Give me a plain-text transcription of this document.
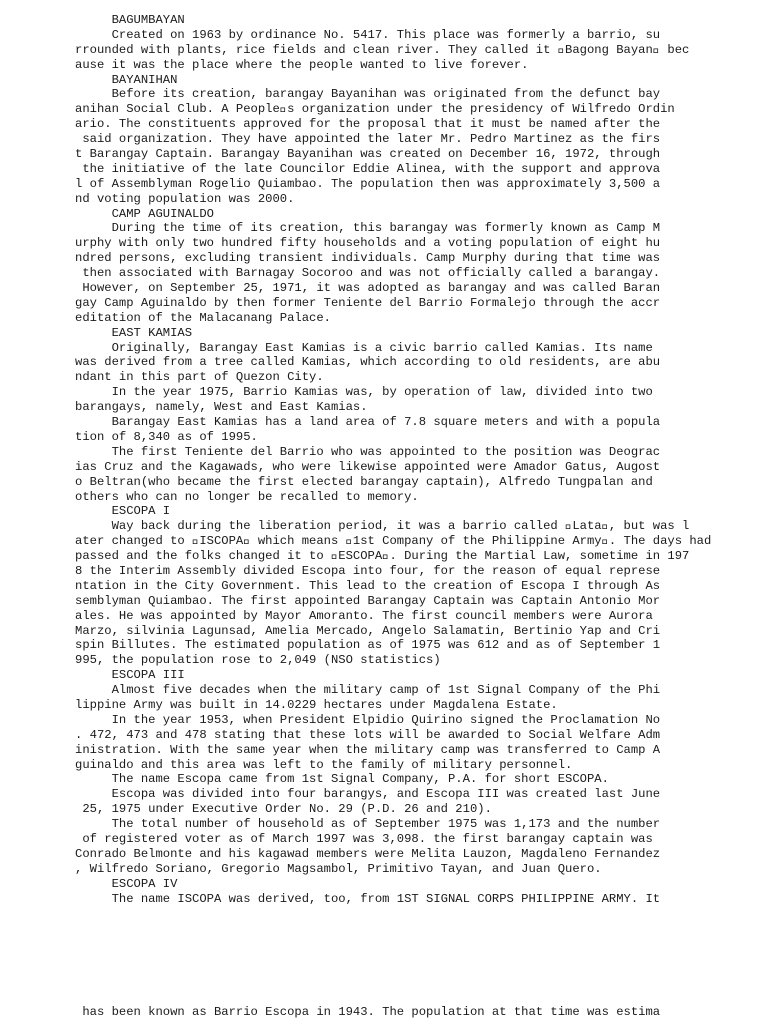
BAGUMBAYAN
Created on 1963 by ordinance No. 5417. This place was formerly a barrio, su
rrounded with plants, rice fields and clean river. They called it  Bagong Bayan  bec
ause it was the place where the people wanted to live forever.
BAYANIHAN
Before its creation, barangay Bayanihan was originated from the defunct bay
anihan Social Club. A People s organization under the presidency of Wilfredo Ordin
ario. The constituents approved for the proposal that it must be named after the
said organization. They have appointed the later Mr. Pedro Martinez as the firs
t Barangay Captain. Barangay Bayanihan was created on December 16, 1972, through
the initiative of the late Councilor Eddie Alinea, with the support and approva
l of Assemblyman Rogelio Quiambao. The population then was approximately 3,500 a
nd voting population was 2000.
CAMP AGUINALDO
During the time of its creation, this barangay was formerly known as Camp M
urphy with only two hundred fifty households and a voting population of eight hu
ndred persons, excluding transient individuals. Camp Murphy during that time was
then associated with Barnagay Socoroo and was not officially called a barangay.
However, on September 25, 1971, it was adopted as barangay and was called Baran
gay Camp Aguinaldo by then former Teniente del Barrio Formalejo through the accr
editation of the Malacanang Palace.
EAST KAMIAS
Originally, Barangay East Kamias is a civic barrio called Kamias. Its name
was derived from a tree called Kamias, which according to old residents, are abu
ndant in this part of Quezon City.
In the year 1975, Barrio Kamias was, by operation of law, divided into two
barangays, namely, West and East Kamias.
Barangay East Kamias has a land area of 7.8 square meters and with a popula
tion of 8,340 as of 1995.
The first Teniente del Barrio who was appointed to the position was Deograc
ias Cruz and the Kagawads, who were likewise appointed were Amador Gatus, Augost
o Beltran(who became the first elected barangay captain), Alfredo Tungpalan and
others who can no longer be recalled to memory.
ESCOPA I
Way back during the liberation period, it was a barrio called  Lata , but was l
ater changed to  ISCOPA  which means  1st Company of the Philippine Army . The days had
passed and the folks changed it to  ESCOPA . During the Martial Law, sometime in 197
8 the Interim Assembly divided Escopa into four, for the reason of equal represe
ntation in the City Government. This lead to the creation of Escopa I through As
semblyman Quiambao. The first appointed Barangay Captain was Captain Antonio Mor
ales. He was appointed by Mayor Amoranto. The first council members were Aurora
Marzo, silvinia Lagunsad, Amelia Mercado, Angelo Salamatin, Bertinio Yap and Cri
spin Billutes. The estimated population as of 1975 was 612 and as of September 1
995, the population rose to 2,049 (NSO statistics)
ESCOPA III
Almost five decades when the military camp of 1st Signal Company of the Phi
lippine Army was built in 14.0229 hectares under Magdalena Estate.
In the year 1953, when President Elpidio Quirino signed the Proclamation No
. 472, 473 and 478 stating that these lots will be awarded to Social Welfare Adm
inistration. With the same year when the military camp was transferred to Camp A
guinaldo and this area was left to the family of military personnel.
The name Escopa came from 1st Signal Company, P.A. for short ESCOPA.
Escopa was divided into four barangys, and Escopa III was created last June
25, 1975 under Executive Order No. 29 (P.D. 26 and 210).
The total number of household as of September 1975 was 1,173 and the number
of registered voter as of March 1997 was 3,098. the first barangay captain was
Conrado Belmonte and his kagawad members were Melita Lauzon, Magdaleno Fernandez
, Wilfredo Soriano, Gregorio Magsambol, Primitivo Tayan, and Juan Quero.
ESCOPA IV
The name ISCOPA was derived, too, from 1ST SIGNAL CORPS PHILIPPINE ARMY. It
has been known as Barrio Escopa in 1943. The population at that time was estima
